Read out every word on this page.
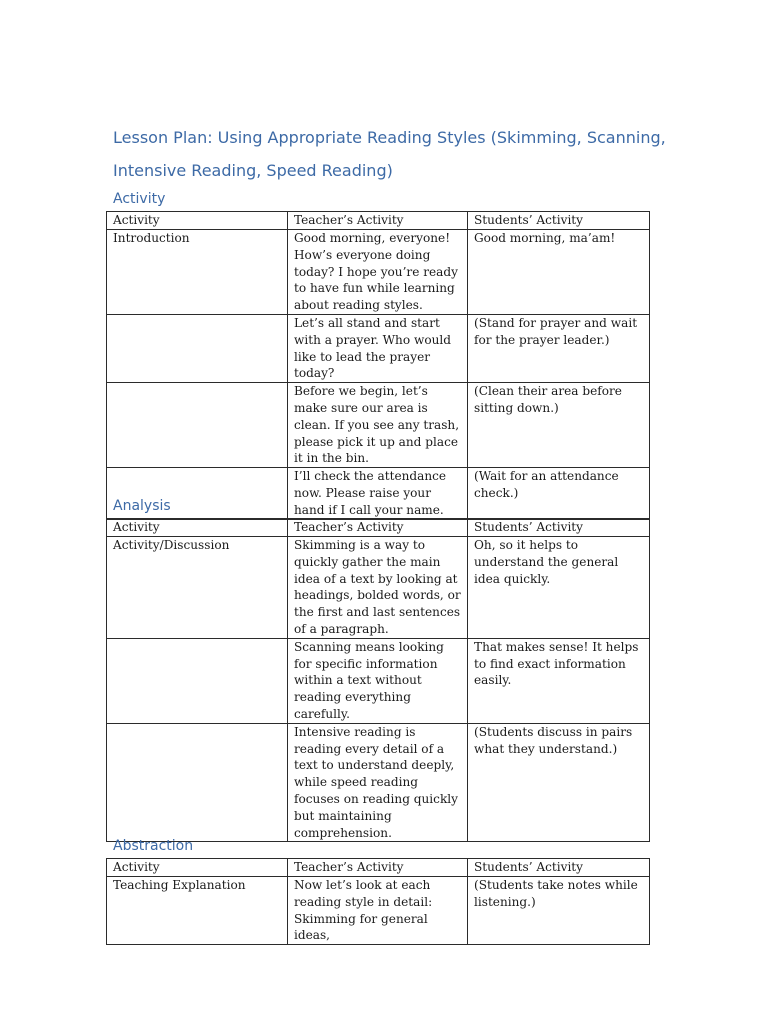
Lesson Plan: Using Appropriate Reading Styles (Skimming, Scanning, Intensive Reading, Speed Reading)
Activity
Activity	Teacher’s Activity	Students’ Activity
Introduction	Good morning, everyone! How’s everyone doing today? I hope you’re ready to have fun while learning about reading styles.	Good morning, ma’am!
	Let’s all stand and start with a prayer. Who would like to lead the prayer today?	(Stand for prayer and wait for the prayer leader.)
	Before we begin, let’s make sure our area is clean. If you see any trash, please pick it up and place it in the bin.	(Clean their area before sitting down.)
	I’ll check the attendance now. Please raise your hand if I call your name.	(Wait for an attendance check.)
Analysis
Activity	Teacher’s Activity	Students’ Activity
Activity/Discussion	Skimming is a way to quickly gather the main idea of a text by looking at headings, bolded words, or the first and last sentences of a paragraph.	Oh, so it helps to understand the general idea quickly.
	Scanning means looking for specific information within a text without reading everything carefully.	That makes sense! It helps to find exact information easily.
	Intensive reading is reading every detail of a text to understand deeply, while speed reading focuses on reading quickly but maintaining comprehension.	(Students discuss in pairs what they understand.)
Abstraction
Activity	Teacher’s Activity	Students’ Activity
Teaching Explanation	Now let’s look at each reading style in detail: Skimming for general ideas,	(Students take notes while listening.)
